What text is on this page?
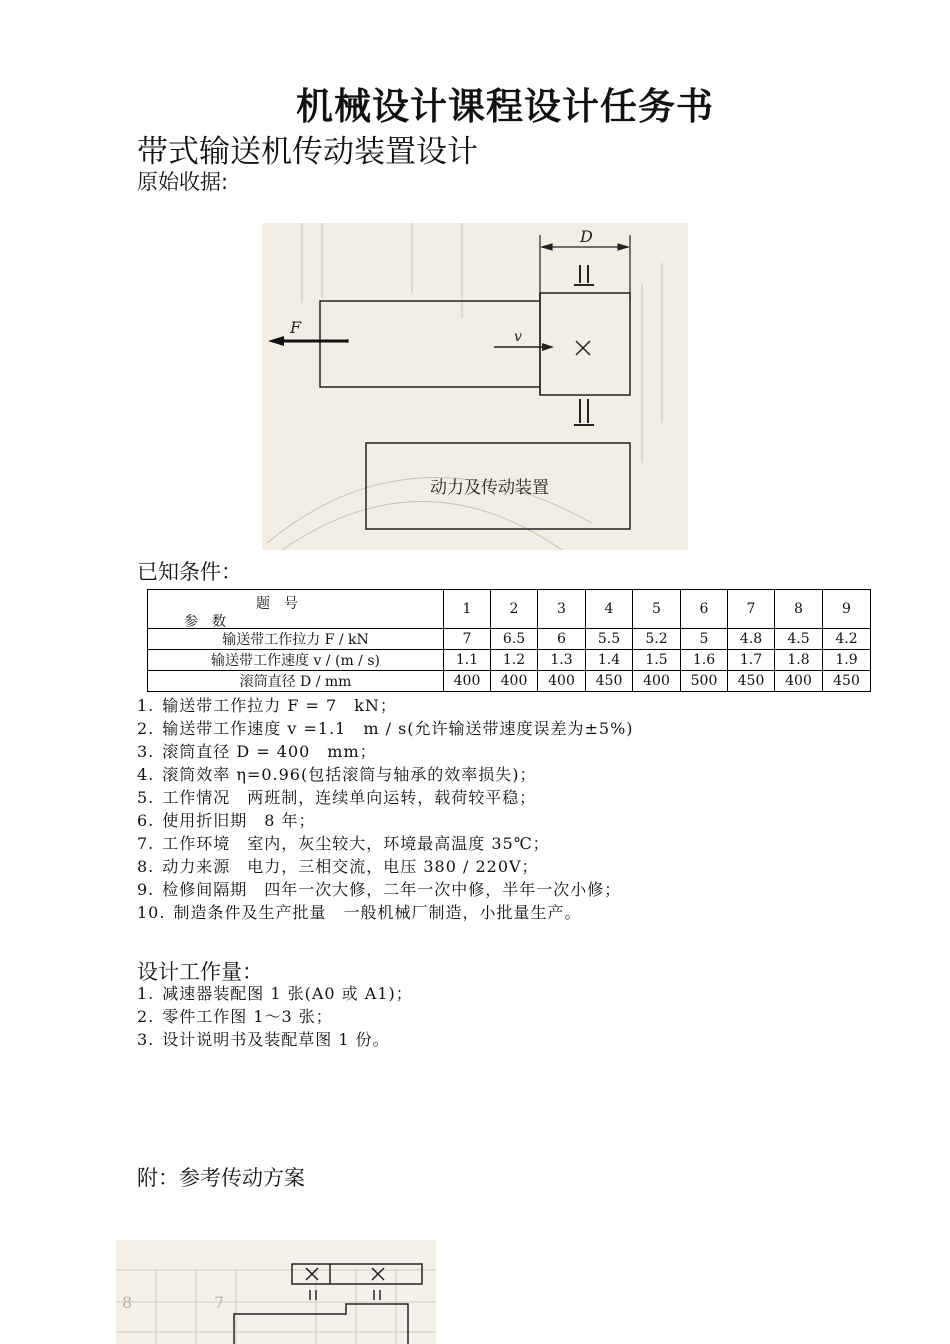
机械设计课程设计任务书
带式输送机传动装置设计
原始收据:
D
F	v
动力及传动装置
已知条件：
题号
参数	1	2	3	4	5	6	7	8	9
输送带工作拉力 F / kN	7	6.5	6	5.5	5.2	5	4.8	4.5	4.2
输送带工作速度 v / (m / s)	1.1	1.2	1.3	1.4	1.5	1.6	1.7	1.8	1.9
滚筒直径 D / mm	400	400	400	450	400	500	450	400	450
1. 输送带工作拉力 F = 7　kN；
2. 输送带工作速度 v =1.1　m / s(允许输送带速度误差为±5%)
3. 滚筒直径 D = 400　mm；
4. 滚筒效率 η=0.96(包括滚筒与轴承的效率损失)；
5. 工作情况　两班制，连续单向运转，载荷较平稳；
6. 使用折旧期　8 年；
7. 工作环境　室内，灰尘较大，环境最高温度 35℃；
8. 动力来源　电力，三相交流，电压 380 / 220V；
9. 检修间隔期　四年一次大修，二年一次中修，半年一次小修；
10. 制造条件及生产批量　一般机械厂制造，小批量生产。
设计工作量：
1. 减速器装配图 1 张(A0 或 A1)；
2. 零件工作图 1～3 张；
3. 设计说明书及装配草图 1 份。
附：参考传动方案
8	7
